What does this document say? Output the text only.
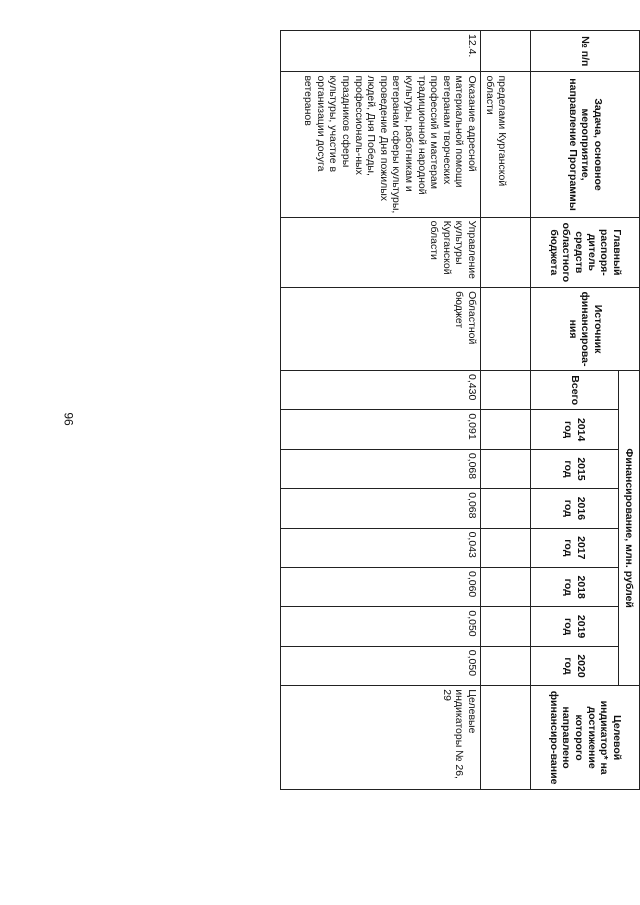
96
№ п/п	Задача, основное мероприятие, направление Программы	Главный распоря-дитель средств областного бюджета	Источник финансирова-ния	Финансирование, млн. рублей								Целевой индикатор* на достижение которого направлено финансиро-вание
				Всего	2014 год	2015 год	2016 год	2017 год	2018 год	2019 год	2020 год	
	пределами Курганской области											
12.4.	Оказание адресной материальной помощи ветеранам творческих профессий и мастерам традиционной народной культуры, работникам и ветеранам сферы культуры, проведение Дня пожилых людей, Дня Победы, профессиональ-ных праздников сферы культуры, участие в организации досуга ветеранов	Управление культуры Курганской области	Областной бюджет	0,430	0,091	0,068	0,068	0,043	0,060	0,050	0,050	Целевые индикаторы № 26, 29
